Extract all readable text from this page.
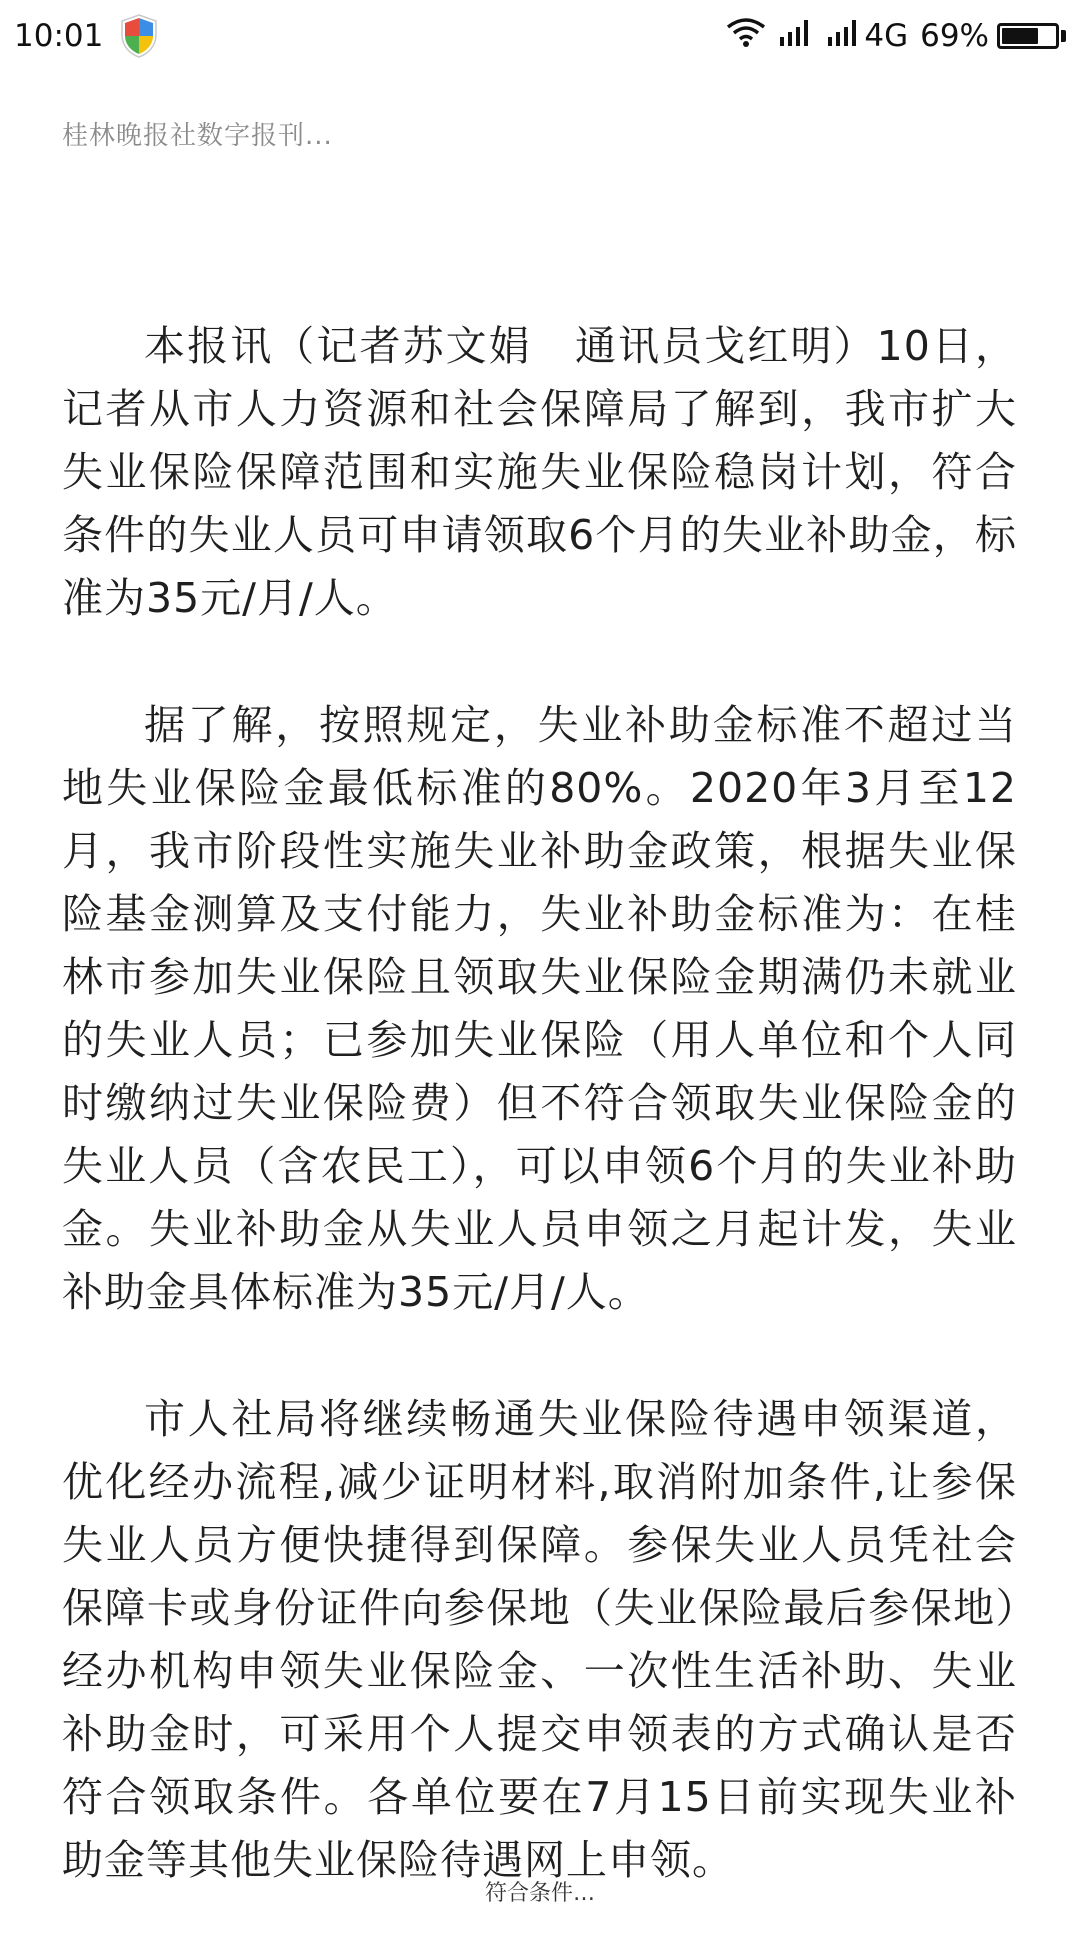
10:01	4G 69%
桂林晚报社数字报刊...

本报讯（记者苏文娟　通讯员戈红明）10日，记者从市人力资源和社会保障局了解到，我市扩大失业保险保障范围和实施失业保险稳岗计划，符合条件的失业人员可申请领取6个月的失业补助金，标准为35元/月/人。

据了解，按照规定，失业补助金标准不超过当地失业保险金最低标准的80%。2020年3月至12月，我市阶段性实施失业补助金政策，根据失业保险基金测算及支付能力，失业补助金标准为：在桂林市参加失业保险且领取失业保险金期满仍未就业的失业人员；已参加失业保险（用人单位和个人同时缴纳过失业保险费）但不符合领取失业保险金的失业人员（含农民工），可以申领6个月的失业补助金。失业补助金从失业人员申领之月起计发，失业补助金具体标准为35元/月/人。

市人社局将继续畅通失业保险待遇申领渠道，优化经办流程,减少证明材料,取消附加条件,让参保失业人员方便快捷得到保障。参保失业人员凭社会保障卡或身份证件向参保地（失业保险最后参保地）经办机构申领失业保险金、一次性生活补助、失业补助金时，可采用个人提交申领表的方式确认是否符合领取条件。各单位要在7月15日前实现失业补助金等其他失业保险待遇网上申领。

符合条件…
